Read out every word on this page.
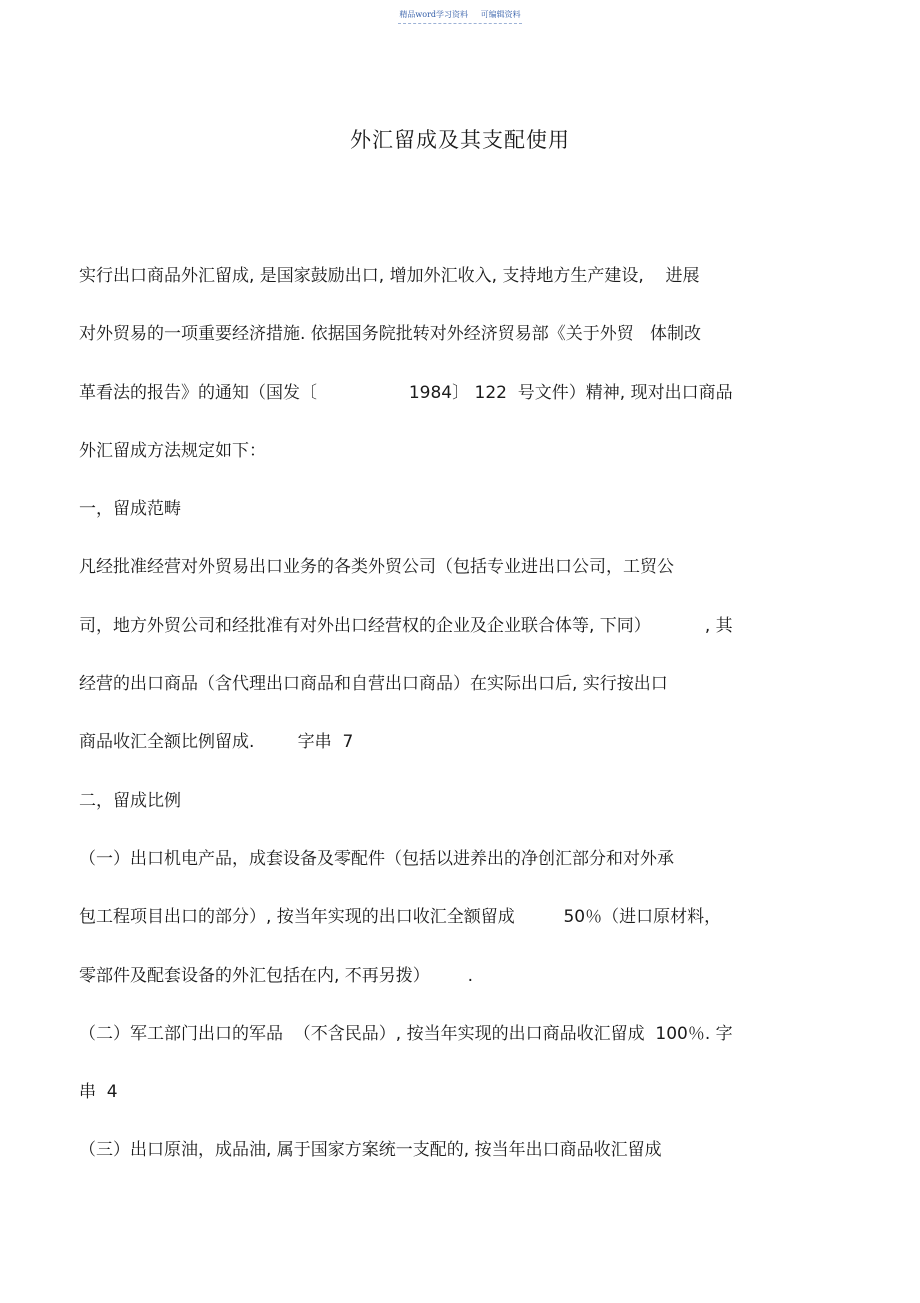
精品word学习资料 可编辑资料
外汇留成及其支配使用
实行出口商品外汇留成, 是国家鼓励出口, 增加外汇收入, 支持地方生产建设,    进展
对外贸易的一项重要经济措施. 依据国务院批转对外经济贸易部《关于外贸   体制改
革看法的报告》的通知（国发〔                 1984〕 122  号文件）精神, 现对出口商品
外汇留成方法规定如下：
一，留成范畴
凡经批准经营对外贸易出口业务的各类外贸公司（包括专业进出口公司，工贸公
司，地方外贸公司和经批准有对外出口经营权的企业及企业联合体等, 下同）          , 其
经营的出口商品（含代理出口商品和自营出口商品）在实际出口后, 实行按出口
商品收汇全额比例留成.        字串  7
二，留成比例
（一）出口机电产品，成套设备及零配件（包括以进养出的净创汇部分和对外承
包工程项目出口的部分）, 按当年实现的出口收汇全额留成         50％（进口原材料，
零部件及配套设备的外汇包括在内, 不再另拨）       .
（二）军工部门出口的军品  （不含民品）, 按当年实现的出口商品收汇留成  100％. 字
串  4
（三）出口原油，成品油, 属于国家方案统一支配的, 按当年出口商品收汇留成
